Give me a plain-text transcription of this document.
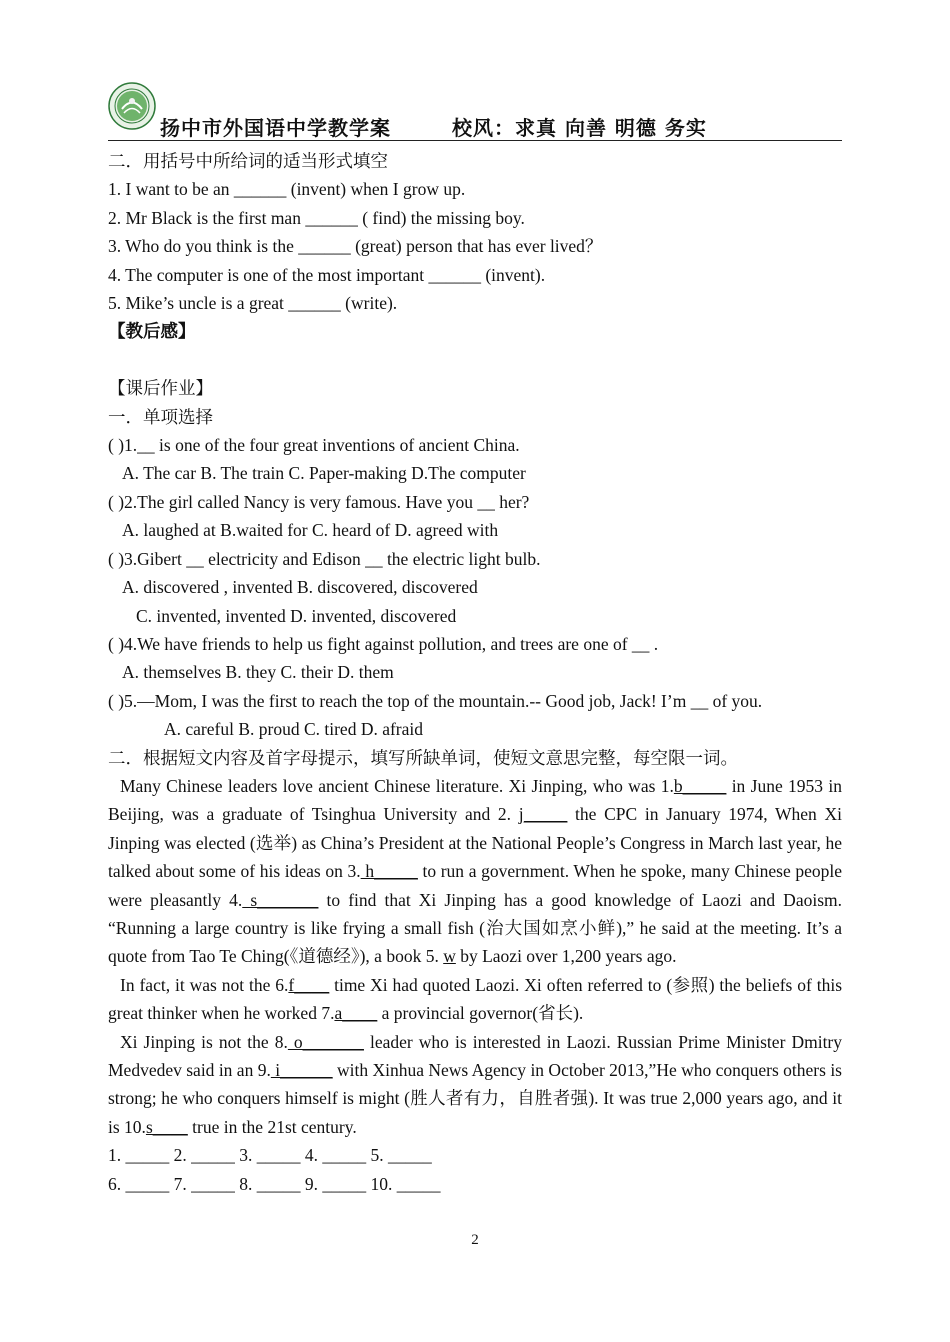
扬中市外国语中学教学案	校风：求真 向善 明德 务实
二．用括号中所给词的适当形式填空
1. I want to be an ______ (invent) when I grow up.
2. Mr Black is the first man ______ ( find) the missing boy.
3. Who do you think is the ______ (great) person that has ever lived？
4. The computer is one of the most important ______ (invent).
5. Mike’s uncle is a great ______ (write).
【教后感】

【课后作业】
一．单项选择
( )1.__ is one of the four great inventions of ancient China.
A. The car B. The train C. Paper-making D.The computer
( )2.The girl called Nancy is very famous. Have you __ her?
A. laughed at B.waited for C. heard of D. agreed with
( )3.Gibert __ electricity and Edison __ the electric light bulb.
A. discovered , invented B. discovered, discovered
C. invented, invented D. invented, discovered
( )4.We have friends to help us fight against pollution, and trees are one of __ .
A. themselves B. they C. their D. them
( )5.—Mom, I was the first to reach the top of the mountain.-- Good job, Jack! I’m __ of you.
A. careful B. proud C. tired D. afraid
二．根据短文内容及首字母提示，填写所缺单词，使短文意思完整，每空限一词。
Many Chinese leaders love ancient Chinese literature. Xi Jinping, who was 1.b_____ in June 1953 in Beijing, was a graduate of Tsinghua University and 2. j_____ the CPC in January 1974, When Xi Jinping was elected (选举) as China’s President at the National People’s Congress in March last year, he talked about some of his ideas on 3. h_____ to run a government. When he spoke, many Chinese people were pleasantly 4. s_______ to find that Xi Jinping has a good knowledge of Laozi and Daoism. “Running a large country is like frying a small fish (治大国如烹小鲜),” he said at the meeting. It’s a quote from Tao Te Ching(《道德经》), a book 5. w by Laozi over 1,200 years ago.
In fact, it was not the 6.f____ time Xi had quoted Laozi. Xi often referred to (参照) the beliefs of this great thinker when he worked 7.a____ a provincial governor(省长).
Xi Jinping is not the 8. o_______ leader who is interested in Laozi. Russian Prime Minister Dmitry Medvedev said in an 9. i______ with Xinhua News Agency in October 2013,”He who conquers others is strong; he who conquers himself is might (胜人者有力，自胜者强). It was true 2,000 years ago, and it is 10.s____ true in the 21st century.
1. _____ 2. _____ 3. _____ 4. _____ 5. _____
6. _____ 7. _____ 8. _____ 9. _____ 10. _____
2
